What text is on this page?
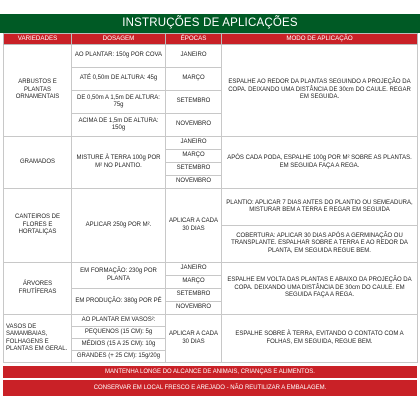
INSTRUÇÕES DE APLICAÇÕES
VARIEDADES	DOSAGEM	ÉPOCAS	MODO DE APLICAÇÃO
ARBUSTOS E PLANTAS ORNAMENTAIS	AO PLANTAR: 150g POR COVA	JANEIRO	ESPALHE AO REDOR DA PLANTAS SEGUINDO A PROJEÇÃO DA COPA. DEIXANDO UMA DISTÂNCIA DE 30cm DO CAULE. REGAR EM SEGUIDA.
	ATÉ 0,50m DE ALTURA: 45g	MARÇO	
	DE 0,50m A 1,5m DE ALTURA: 75g	SETEMBRO	
	ACIMA DE 1,5m DE ALTURA: 150g	NOVEMBRO	
GRAMADOS	MISTURE À TERRA 100g POR M² NO PLANTIO.	JANEIRO	APÓS CADA PODA, ESPALHE 100g POR M² SOBRE AS PLANTAS. EM SEGUIDA FAÇA A REGA.
		MARÇO	
		SETEMBRO	
		NOVEMBRO	
CANTEIROS DE FLORES E HORTALIÇAS	APLICAR 250g POR M².	APLICAR A CADA 30 DIAS	PLANTIO: APLICAR 7 DIAS ANTES DO PLANTIO OU SEMEADURA, MISTURAR BEM A TERRA E REGAR EM SEGUIDA
			COBERTURA: APLICAR 30 DIAS APÓS A GERMINAÇÃO OU TRANSPLANTE. ESPALHAR SOBRE A TERRA E AO REDOR DA PLANTA, EM SEGUIDA REGUE BEM.
ÁRVORES FRUTÍFERAS	EM FORMAÇÃO: 230g POR PLANTA	JANEIRO	ESPALHE EM VOLTA DAS PLANTAS E ABAIXO DA PROJEÇÃO DA COPA. DEIXANDO UMA DISTÂNCIA DE 30cm DO CAULE. EM SEGUIDA FAÇA A REGA.
		MARÇO	
	EM PRODUÇÃO: 380g POR PÉ	SETEMBRO	
		NOVEMBRO	
VASOS DE SAMAMBAIAS, FOLHAGENS E PLANTAS EM GERAL.	AO PLANTAR EM VASOS²:	APLICAR A CADA 30 DIAS	ESPALHE SOBRE À TERRA, EVITANDO O CONTATO COM A FOLHAS, EM SEGUIDA, REGUE BEM.
	PEQUENOS (15 CM): 5g		
	MÉDIOS (15 A 25 CM): 10g		
	GRANDES (+ 25 CM): 15g/20g		
MANTENHA LONGE DO ALCANCE DE ANIMAIS, CRIANÇAS E ALIMENTOS.
CONSERVAR EM LOCAL FRESCO E AREJADO - NÃO REUTILIZAR A EMBALAGEM.
